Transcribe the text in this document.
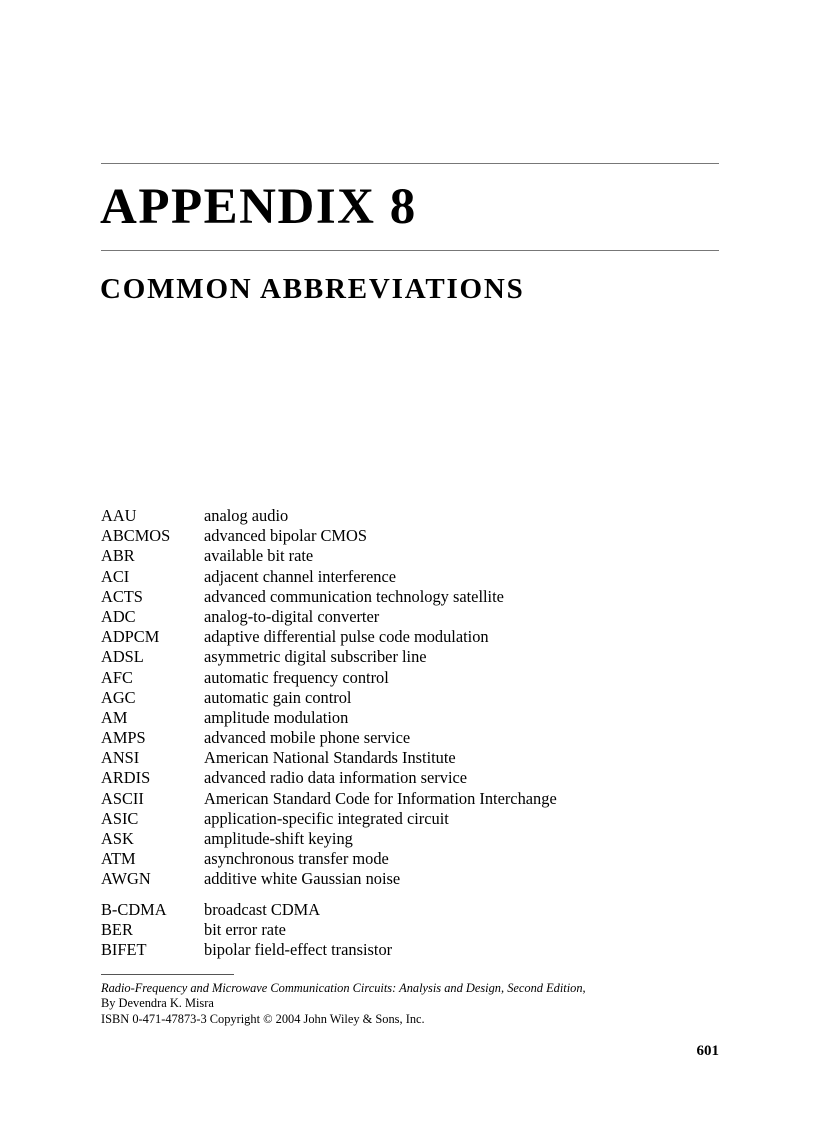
APPENDIX 8
COMMON ABBREVIATIONS
AAU	analog audio
ABCMOS advanced bipolar CMOS
ABR	available bit rate
ACI	adjacent channel interference
ACTS	advanced communication technology satellite
ADC	analog-to-digital converter
ADPCM	adaptive differential pulse code modulation
ADSL	asymmetric digital subscriber line
AFC	automatic frequency control
AGC	automatic gain control
AM	amplitude modulation
AMPS	advanced mobile phone service
ANSI	American National Standards Institute
ARDIS	advanced radio data information service
ASCII	American Standard Code for Information Interchange
ASIC	application-specific integrated circuit
ASK	amplitude-shift keying
ATM	asynchronous transfer mode
AWGN	additive white Gaussian noise
B-CDMA broadcast CDMA
BER	bit error rate
BIFET	bipolar field-effect transistor
Radio-Frequency and Microwave Communication Circuits: Analysis and Design, Second Edition,
By Devendra K. Misra
ISBN 0-471-47873-3 Copyright © 2004 John Wiley & Sons, Inc.
601
